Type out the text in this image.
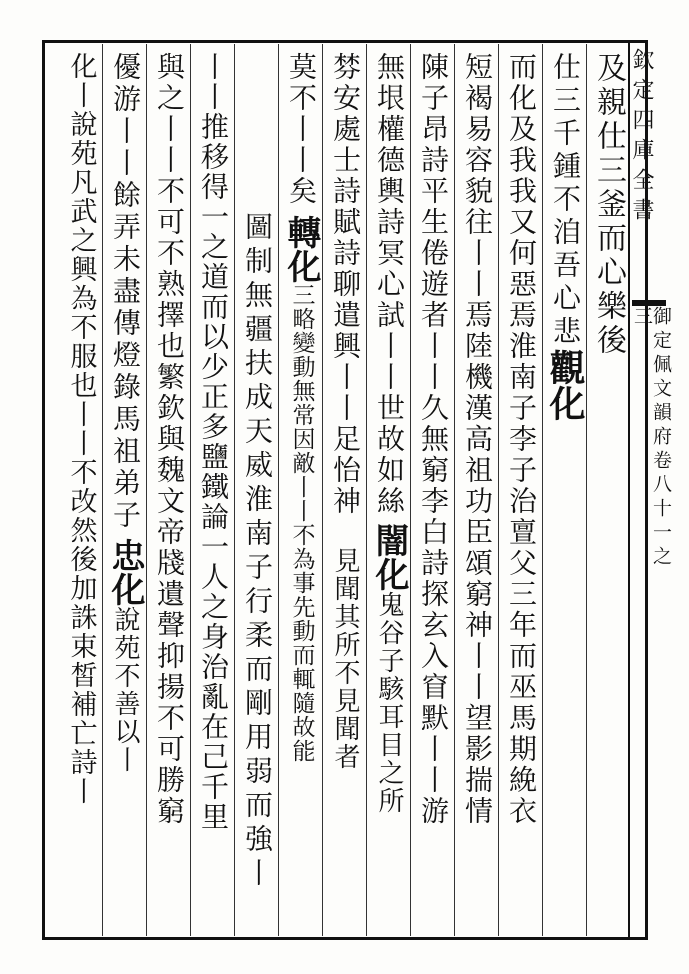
欽定四庫全書
御定佩文韻府卷八十一之三
及親仕三釜而心樂後
仕三千鍾不洎吾心悲
觀化
而化及我我又何惡焉淮南子李子治亶父三年而巫馬期絻衣
短褐易容貌往丨丨焉陸機漢高祖功臣頌窮神丨丨望影揣情
陳子昂詩平生倦遊者丨丨久無窮李白詩探玄入窅默丨丨游
無垠權德輿詩冥心試丨丨世故如絲
闇化
鬼谷子駭耳目之所
棼安處士詩賦詩聊遣興丨丨足怡神
見聞其所不見聞者
莫不丨丨矣
轉化
三略變動無常因敵丨丨不為事先動而輒隨故能
圖制無疆扶成天威淮南子行柔而剛用弱而強丨
丨丨推移得一之道而以少正多鹽鐵論一人之身治亂在己千里
與之丨丨不可不熟擇也繁欽與魏文帝牋遺聲抑揚不可勝窮
優游丨丨餘弄未盡傳燈錄馬祖弟子
忠化
說苑不善以丨
化丨說苑凡武之興為不服也丨丨不改然後加誅束皙補亡詩丨
